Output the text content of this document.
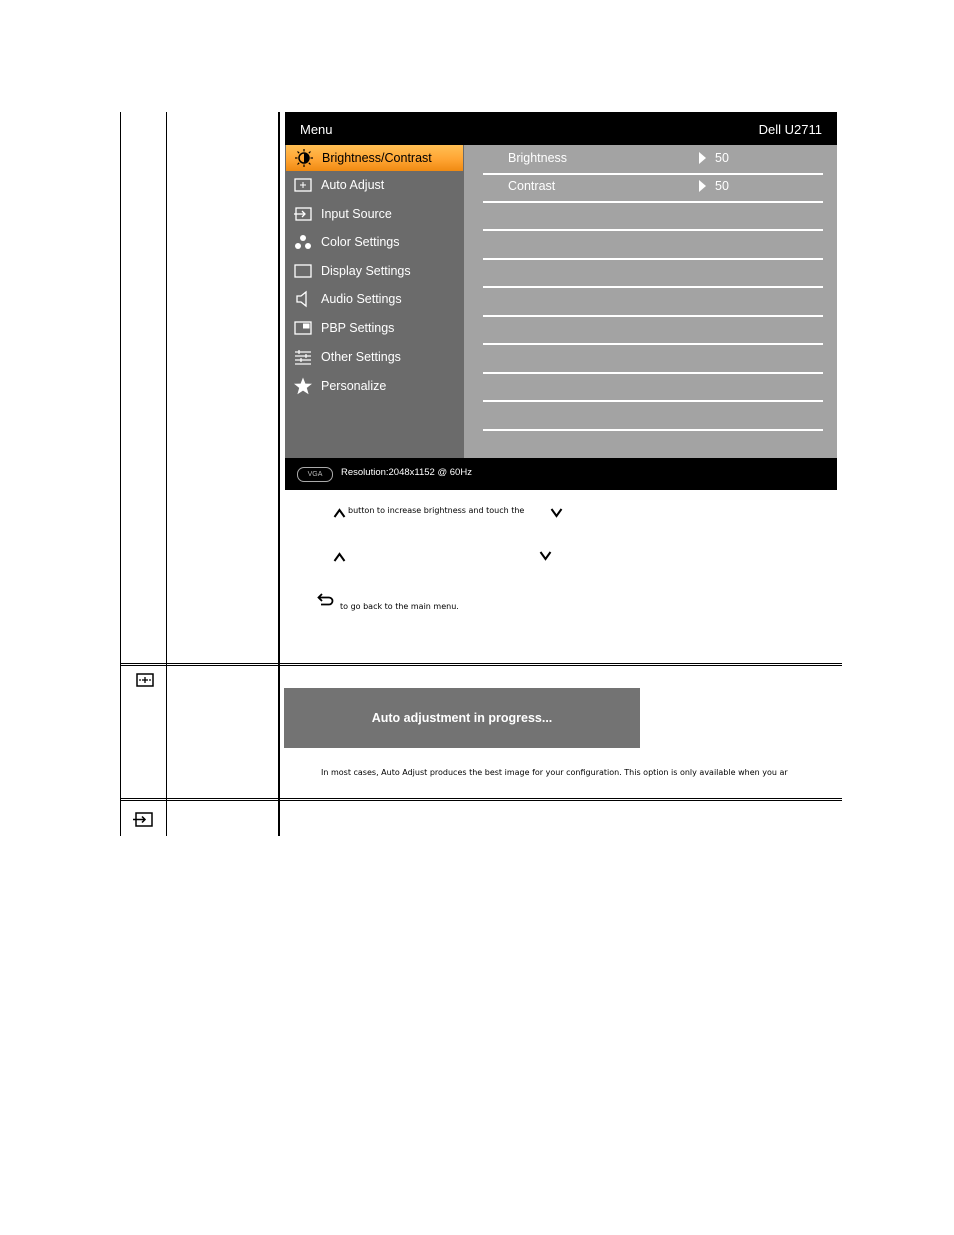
Menu	Dell U2711
Brightness/Contrast
Auto Adjust
Input Source
Color Settings
Display Settings
Audio Settings
PBP Settings
Other Settings
Personalize
Brightness	50
Contrast	50
VGA	Resolution:2048x1152 @ 60Hz
button to increase brightness and touch the
to go back to the main menu.
Auto adjustment in progress...
In most cases, Auto Adjust produces the best image for your configuration. This option is only available when you ar
